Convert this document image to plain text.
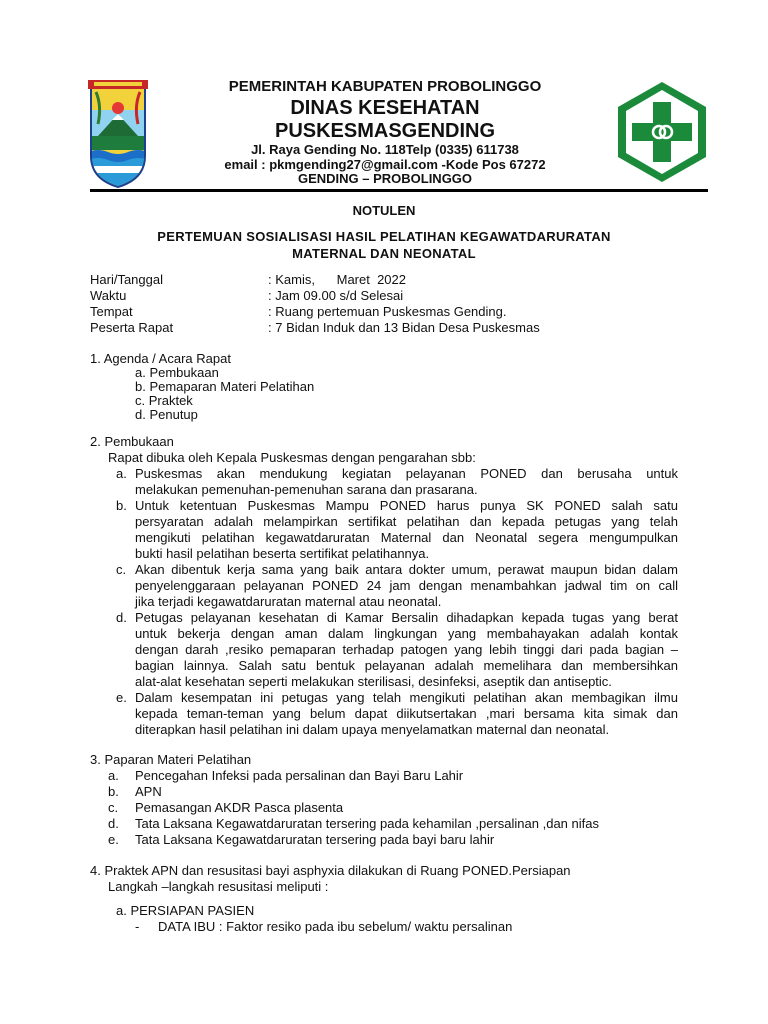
PEMERINTAH KABUPATEN PROBOLINGGO
DINAS KESEHATAN
PUSKESMASGENDING
Jl. Raya Gending No. 118Telp (0335) 611738
email : pkmgending27@gmail.com -Kode Pos 67272
GENDING – PROBOLINGGO
NOTULEN
PERTEMUAN SOSIALISASI HASIL PELATIHAN KEGAWATDARURATAN
MATERNAL DAN NEONATAL
Hari/Tanggal	: Kamis,      Maret  2022
Waktu	: Jam 09.00 s/d Selesai
Tempat	: Ruang pertemuan Puskesmas Gending.
Peserta Rapat	: 7 Bidan Induk dan 13 Bidan Desa Puskesmas
1. Agenda / Acara Rapat
a. Pembukaan
b. Pemaparan Materi Pelatihan
c. Praktek
d. Penutup
2. Pembukaan
Rapat dibuka oleh Kepala Puskesmas dengan pengarahan sbb:
a. Puskesmas akan mendukung kegiatan pelayanan PONED dan berusaha untuk
melakukan pemenuhan-pemenuhan sarana dan prasarana.
b. Untuk ketentuan Puskesmas Mampu PONED harus punya SK PONED salah satu
persyaratan adalah melampirkan sertifikat pelatihan dan kepada petugas yang telah
mengikuti pelatihan kegawatdaruratan Maternal dan Neonatal segera mengumpulkan
bukti hasil pelatihan beserta sertifikat pelatihannya.
c. Akan dibentuk kerja sama yang baik antara dokter umum, perawat maupun bidan dalam
penyelenggaraan pelayanan PONED 24 jam dengan menambahkan jadwal tim on call
jika terjadi kegawatdaruratan maternal atau neonatal.
d. Petugas pelayanan kesehatan di Kamar Bersalin dihadapkan kepada tugas yang berat
untuk bekerja dengan aman dalam lingkungan yang membahayakan adalah kontak
dengan darah ,resiko pemaparan terhadap patogen yang lebih tinggi dari pada bagian –
bagian lainnya. Salah satu bentuk pelayanan adalah memelihara dan membersihkan
alat-alat kesehatan seperti melakukan sterilisasi, desinfeksi, aseptik dan antiseptic.
e. Dalam kesempatan ini petugas yang telah mengikuti pelatihan akan membagikan ilmu
kepada teman-teman yang belum dapat diikutsertakan ,mari bersama kita simak dan
diterapkan hasil pelatihan ini dalam upaya menyelamatkan maternal dan neonatal.
3. Paparan Materi Pelatihan
a. Pencegahan Infeksi pada persalinan dan Bayi Baru Lahir
b. APN
c. Pemasangan AKDR Pasca plasenta
d. Tata Laksana Kegawatdaruratan tersering pada kehamilan ,persalinan ,dan nifas
e. Tata Laksana Kegawatdaruratan tersering pada bayi baru lahir
4. Praktek APN dan resusitasi bayi asphyxia dilakukan di Ruang PONED.Persiapan
Langkah –langkah resusitasi meliputi :
a. PERSIAPAN PASIEN
- DATA IBU : Faktor resiko pada ibu sebelum/ waktu persalinan
